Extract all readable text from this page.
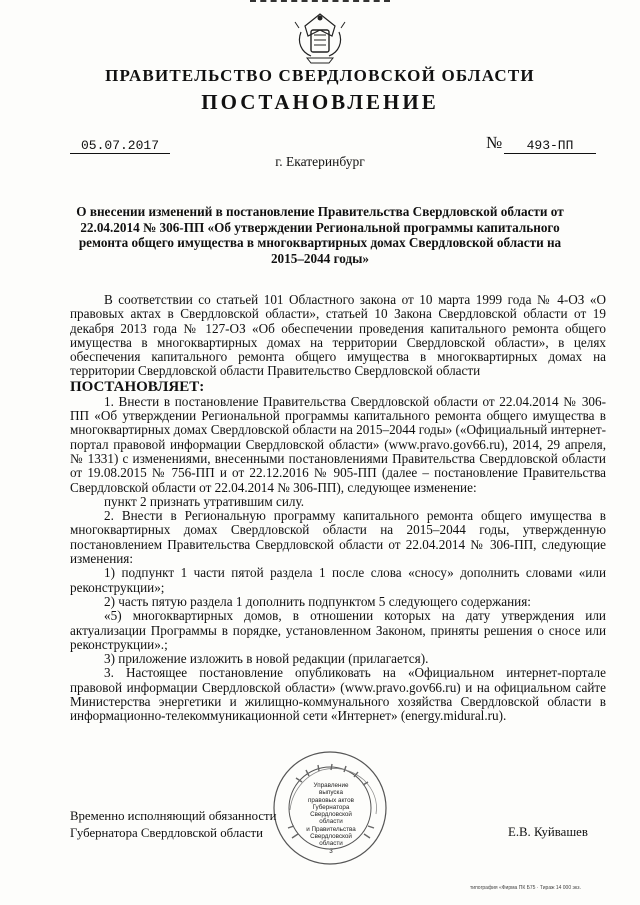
ПРАВИТЕЛЬСТВО СВЕРДЛОВСКОЙ ОБЛАСТИ
ПОСТАНОВЛЕНИЕ
05.07.2017	№	493-ПП
г. Екатеринбург
О внесении изменений в постановление Правительства Свердловской области от 22.04.2014 № 306-ПП «Об утверждении Региональной программы капитального ремонта общего имущества в многоквартирных домах Свердловской области на 2015–2044 годы»

В соответствии со статьей 101 Областного закона от 10 марта 1999 года № 4-ОЗ «О правовых актах в Свердловской области», статьей 10 Закона Свердловской области от 19 декабря 2013 года № 127-ОЗ «Об обеспечении проведения капитального ремонта общего имущества в многоквартирных домах на территории Свердловской области», в целях обеспечения капитального ремонта общего имущества в многоквартирных домах на территории Свердловской области Правительство Свердловской области

ПОСТАНОВЛЯЕТ:

1. Внести в постановление Правительства Свердловской области от 22.04.2014 № 306-ПП «Об утверждении Региональной программы капитального ремонта общего имущества в многоквартирных домах Свердловской области на 2015–2044 годы» («Официальный интернет-портал правовой информации Свердловской области» (www.pravo.gov66.ru), 2014, 29 апреля, № 1331) с изменениями, внесенными постановлениями Правительства Свердловской области от 19.08.2015 № 756-ПП и от 22.12.2016 № 905-ПП (далее – постановление Правительства Свердловской области от 22.04.2014 № 306-ПП), следующее изменение:

пункт 2 признать утратившим силу.

2. Внести в Региональную программу капитального ремонта общего имущества в многоквартирных домах Свердловской области на 2015–2044 годы, утвержденную постановлением Правительства Свердловской области от 22.04.2014 № 306-ПП, следующие изменения:

1) подпункт 1 части пятой раздела 1 после слова «сносу» дополнить словами «или реконструкции»;

2) часть пятую раздела 1 дополнить подпунктом 5 следующего содержания:

«5) многоквартирных домов, в отношении которых на дату утверждения или актуализации Программы в порядке, установленном Законом, приняты решения о сносе или реконструкции».;

3) приложение изложить в новой редакции (прилагается).

3. Настоящее постановление опубликовать на «Официальном интернет-портале правовой информации Свердловской области» (www.pravo.gov66.ru) и на официальном сайте Министерства энергетики и жилищно-коммунального хозяйства Свердловской области в информационно-телекоммуникационной сети «Интернет» (energy.midural.ru).

Управление
выпуска
правовых актов
Губернатора
Свердловской области
и Правительства
Свердловской
области
3
Временно исполняющий обязанности
Губернатора Свердловской области	Е.В. Куйвашев
типография «Фирма ПК Б75 · Тираж 14 000 экз.
